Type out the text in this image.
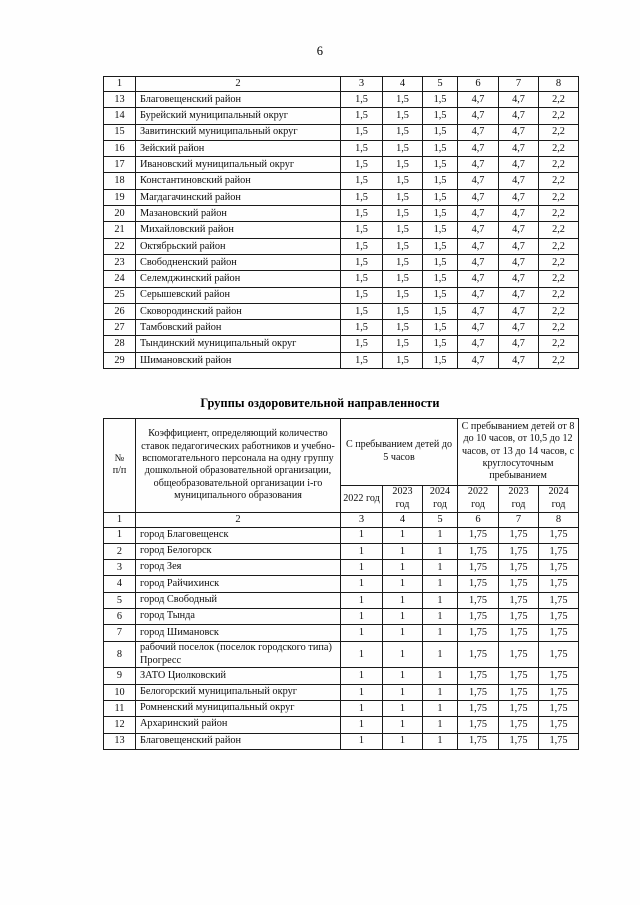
6
1	2	3	4	5	6	7	8
13	Благовещенский район	1,5	1,5	1,5	4,7	4,7	2,2
14	Бурейский муниципальный округ	1,5	1,5	1,5	4,7	4,7	2,2
15	Завитинский муниципальный округ	1,5	1,5	1,5	4,7	4,7	2,2
16	Зейский район	1,5	1,5	1,5	4,7	4,7	2,2
17	Ивановский муниципальный округ	1,5	1,5	1,5	4,7	4,7	2,2
18	Константиновский район	1,5	1,5	1,5	4,7	4,7	2,2
19	Магдагачинский район	1,5	1,5	1,5	4,7	4,7	2,2
20	Мазановский район	1,5	1,5	1,5	4,7	4,7	2,2
21	Михайловский район	1,5	1,5	1,5	4,7	4,7	2,2
22	Октябрьский район	1,5	1,5	1,5	4,7	4,7	2,2
23	Свободненский район	1,5	1,5	1,5	4,7	4,7	2,2
24	Селемджинский район	1,5	1,5	1,5	4,7	4,7	2,2
25	Серышевский район	1,5	1,5	1,5	4,7	4,7	2,2
26	Сковородинский район	1,5	1,5	1,5	4,7	4,7	2,2
27	Тамбовский район	1,5	1,5	1,5	4,7	4,7	2,2
28	Тындинский муниципальный округ	1,5	1,5	1,5	4,7	4,7	2,2
29	Шимановский район	1,5	1,5	1,5	4,7	4,7	2,2
Группы оздоровительной направленности
№
п/п	Коэффициент, определяющий количество ставок педагогических работников и учебно-вспомогательного персонала на одну группу дошкольной образовательной организации, общеобразовательной организации i-го муниципального образования	С пребыванием детей до 5 часов			С пребыванием детей от 8 до 10 часов, от 10,5 до 12 часов, от 13 до 14 часов, с круглосуточным пребыванием		
		2022 год	2023 год	2024 год	2022 год	2023 год	2024 год
1	2	3	4	5	6	7	8
1	город Благовещенск	1	1	1	1,75	1,75	1,75
2	город Белогорск	1	1	1	1,75	1,75	1,75
3	город Зея	1	1	1	1,75	1,75	1,75
4	город Райчихинск	1	1	1	1,75	1,75	1,75
5	город Свободный	1	1	1	1,75	1,75	1,75
6	город Тында	1	1	1	1,75	1,75	1,75
7	город Шимановск	1	1	1	1,75	1,75	1,75
8	рабочий поселок (поселок городского типа) Прогресс	1	1	1	1,75	1,75	1,75
9	ЗАТО Циолковский	1	1	1	1,75	1,75	1,75
10	Белогорский муниципальный округ	1	1	1	1,75	1,75	1,75
11	Ромненский муниципальный округ	1	1	1	1,75	1,75	1,75
12	Архаринский район	1	1	1	1,75	1,75	1,75
13	Благовещенский район	1	1	1	1,75	1,75	1,75
